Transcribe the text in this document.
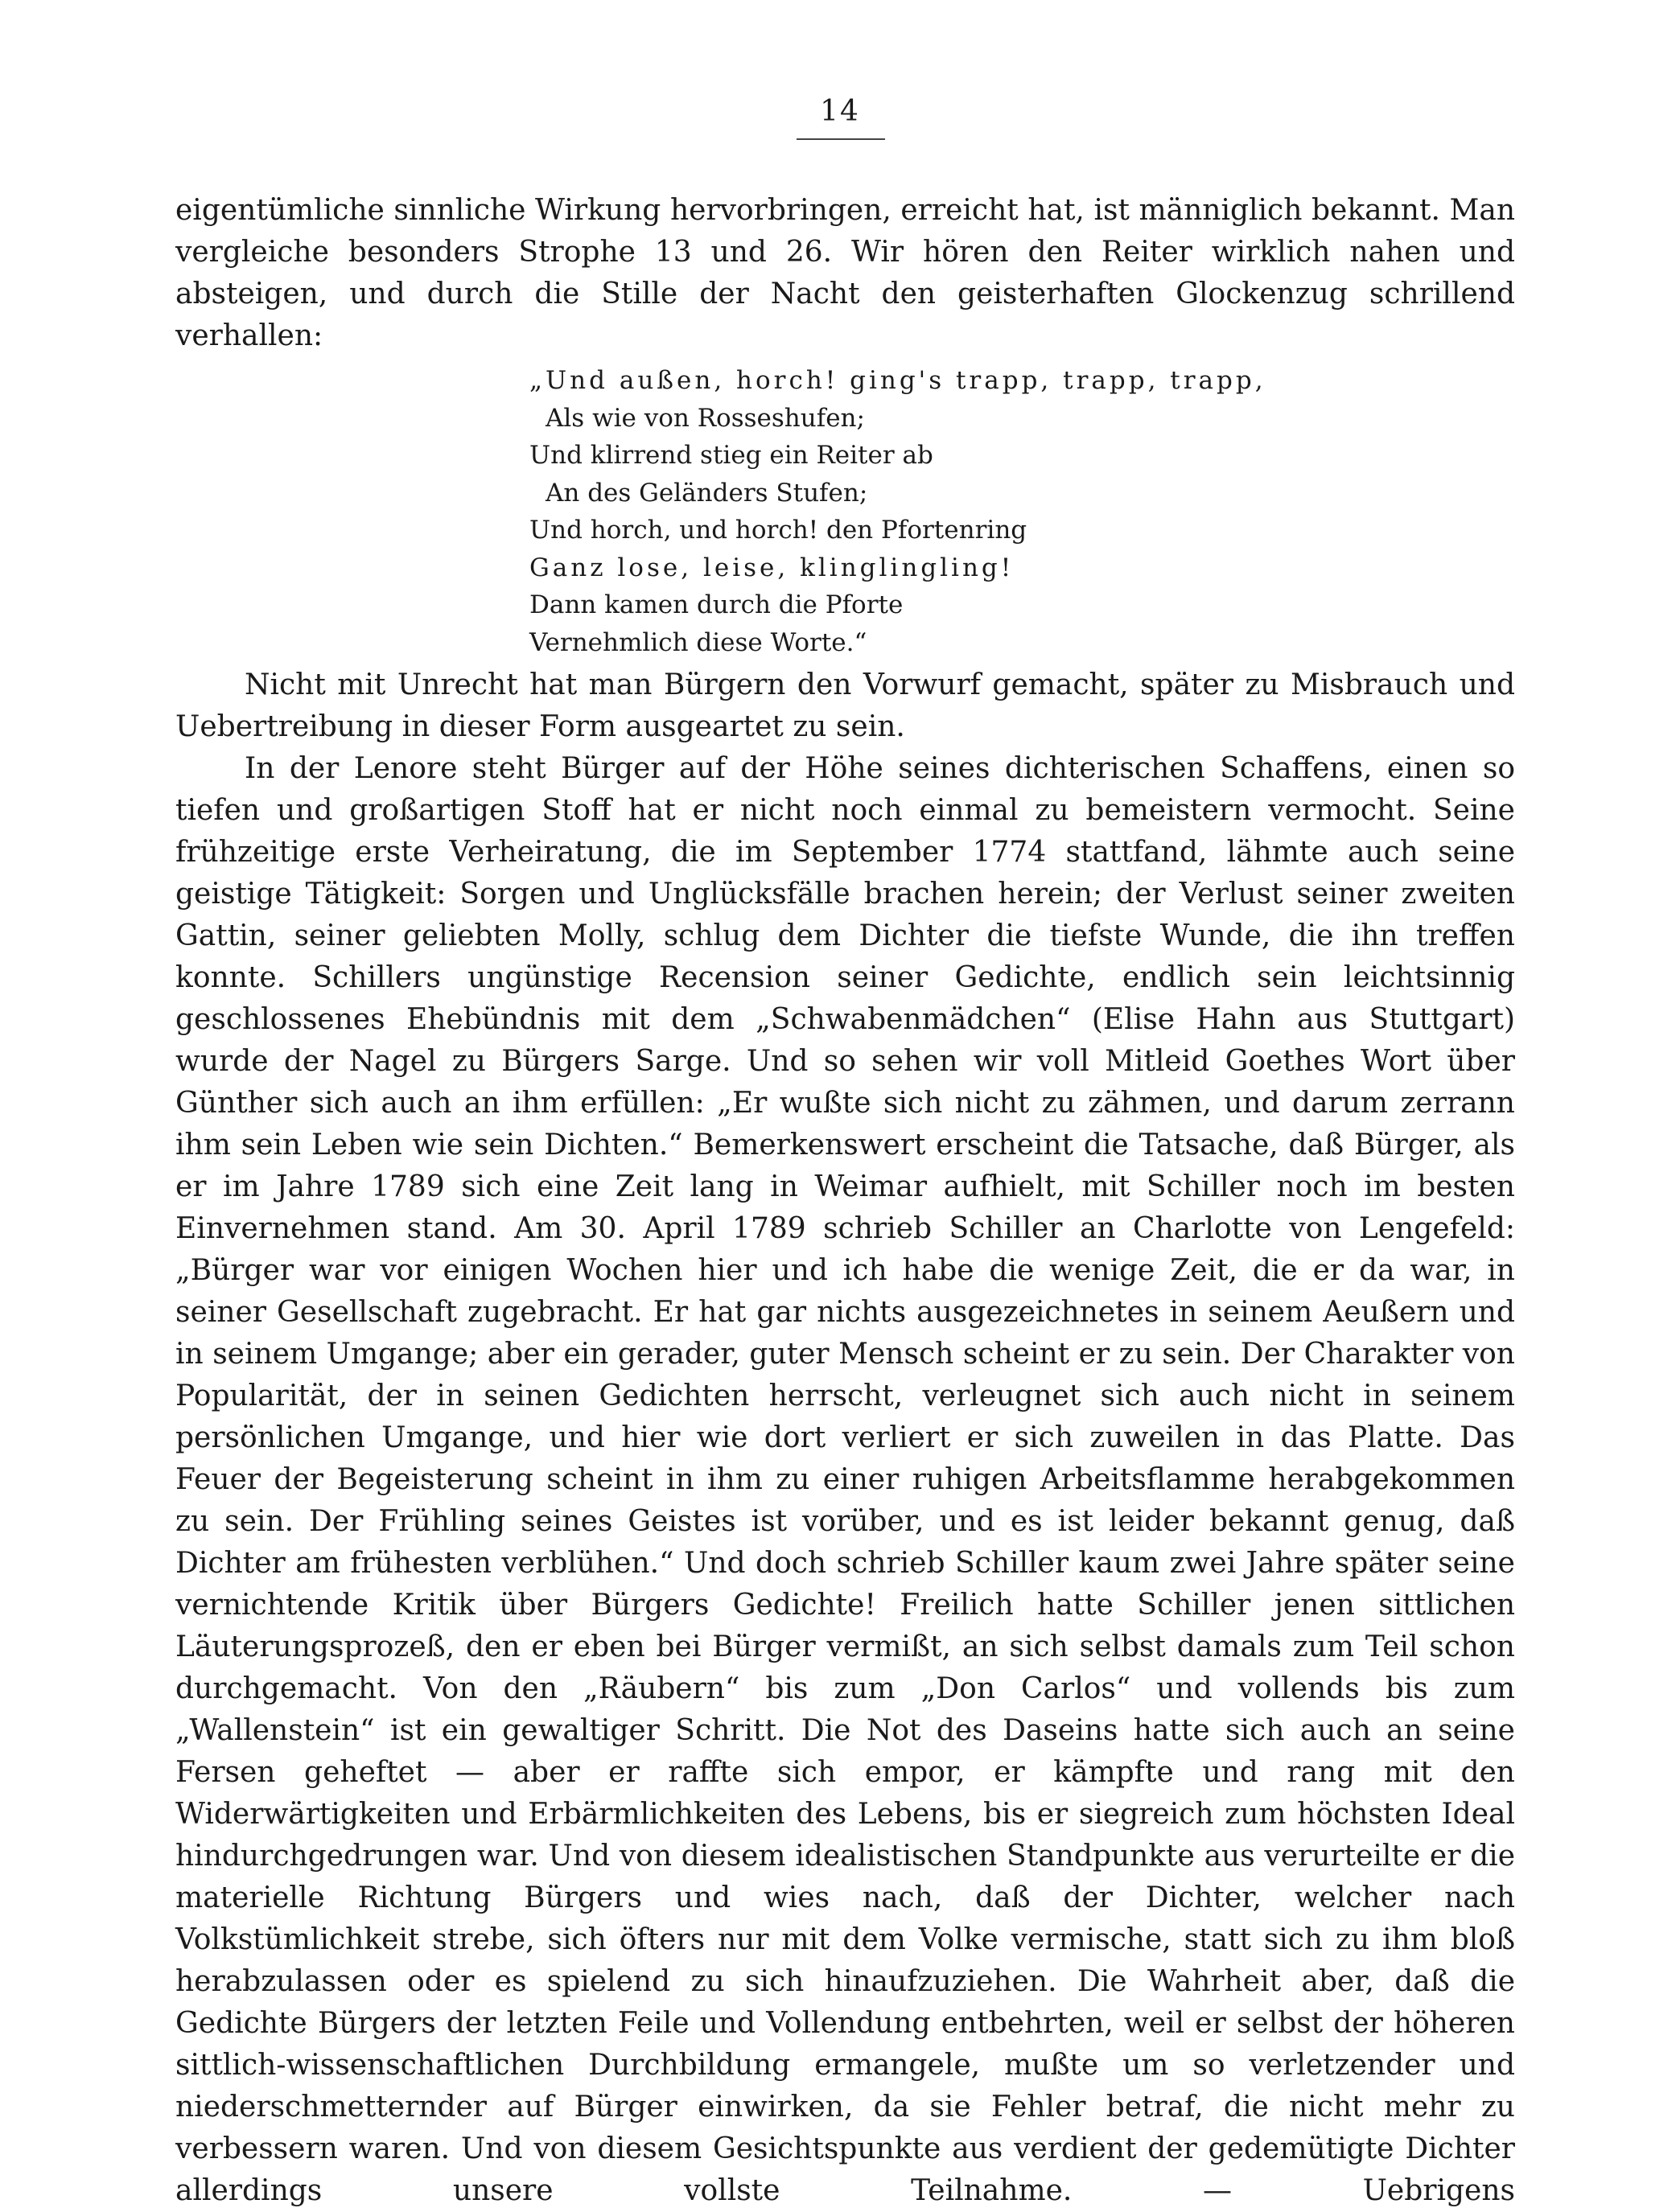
14

eigentümliche sinnliche Wirkung hervorbringen, erreicht hat, ist männiglich bekannt. Man vergleiche besonders Strophe 13 und 26. Wir hören den Reiter wirklich nahen und absteigen, und durch die Stille der Nacht den geisterhaften Glockenzug schrillend verhallen:

„Und außen, horch! ging's trapp, trapp, trapp,
Als wie von Rosseshufen;
Und klirrend stieg ein Reiter ab
An des Geländers Stufen;
Und horch, und horch! den Pfortenring
Ganz lose, leise, klinglingling!
Dann kamen durch die Pforte
Vernehmlich diese Worte.“

Nicht mit Unrecht hat man Bürgern den Vorwurf gemacht, später zu Misbrauch und Uebertreibung in dieser Form ausgeartet zu sein.

In der Lenore steht Bürger auf der Höhe seines dichterischen Schaffens, einen so tiefen und großartigen Stoff hat er nicht noch einmal zu bemeistern vermocht. Seine frühzeitige erste Verheiratung, die im September 1774 stattfand, lähmte auch seine geistige Tätigkeit: Sorgen und Unglücksfälle brachen herein; der Verlust seiner zweiten Gattin, seiner geliebten Molly, schlug dem Dichter die tiefste Wunde, die ihn treffen konnte. Schillers ungünstige Recension seiner Gedichte, endlich sein leichtsinnig geschlossenes Ehebündnis mit dem „Schwabenmädchen“ (Elise Hahn aus Stuttgart) wurde der Nagel zu Bürgers Sarge. Und so sehen wir voll Mitleid Goethes Wort über Günther sich auch an ihm erfüllen: „Er wußte sich nicht zu zähmen, und darum zerrann ihm sein Leben wie sein Dichten.“ Bemerkenswert erscheint die Tatsache, daß Bürger, als er im Jahre 1789 sich eine Zeit lang in Weimar aufhielt, mit Schiller noch im besten Einvernehmen stand. Am 30. April 1789 schrieb Schiller an Charlotte von Lengefeld: „Bürger war vor einigen Wochen hier und ich habe die wenige Zeit, die er da war, in seiner Gesellschaft zugebracht. Er hat gar nichts ausgezeichnetes in seinem Aeußern und in seinem Umgange; aber ein gerader, guter Mensch scheint er zu sein. Der Charakter von Popularität, der in seinen Gedichten herrscht, verleugnet sich auch nicht in seinem persönlichen Umgange, und hier wie dort verliert er sich zuweilen in das Platte. Das Feuer der Begeisterung scheint in ihm zu einer ruhigen Arbeitsflamme herabgekommen zu sein. Der Frühling seines Geistes ist vorüber, und es ist leider bekannt genug, daß Dichter am frühesten verblühen.“ Und doch schrieb Schiller kaum zwei Jahre später seine vernichtende Kritik über Bürgers Gedichte! Freilich hatte Schiller jenen sittlichen Läuterungsprozeß, den er eben bei Bürger vermißt, an sich selbst damals zum Teil schon durchgemacht. Von den „Räubern“ bis zum „Don Carlos“ und vollends bis zum „Wallenstein“ ist ein gewaltiger Schritt. Die Not des Daseins hatte sich auch an seine Fersen geheftet — aber er raffte sich empor, er kämpfte und rang mit den Widerwärtigkeiten und Erbärmlichkeiten des Lebens, bis er siegreich zum höchsten Ideal hindurchgedrungen war. Und von diesem idealistischen Standpunkte aus verurteilte er die materielle Richtung Bürgers und wies nach, daß der Dichter, welcher nach Volkstümlichkeit strebe, sich öfters nur mit dem Volke vermische, statt sich zu ihm bloß herabzulassen oder es spielend zu sich hinaufzuziehen. Die Wahrheit aber, daß die Gedichte Bürgers der letzten Feile und Vollendung entbehrten, weil er selbst der höheren sittlich-wissenschaftlichen Durchbildung ermangele, mußte um so verletzender und niederschmetternder auf Bürger einwirken, da sie Fehler betraf, die nicht mehr zu verbessern waren. Und von diesem Gesichtspunkte aus verdient der gedemütigte Dichter allerdings unsere vollste Teilnahme. — Uebrigens
